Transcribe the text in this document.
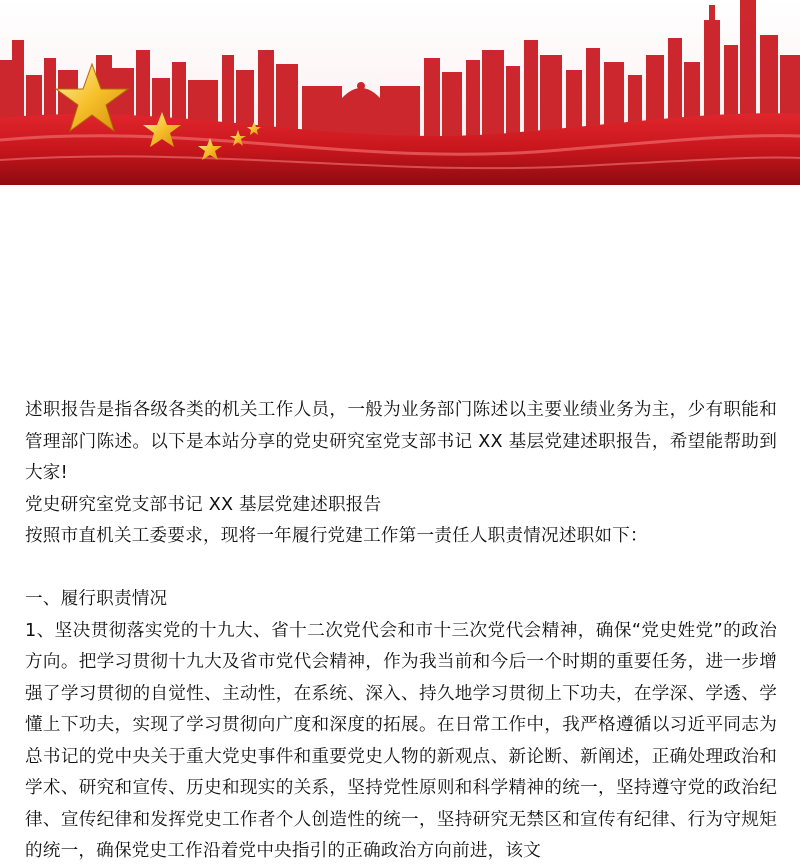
述职报告是指各级各类的机关工作人员，一般为业务部门陈述以主要业绩业务为主，少有职能和管理部门陈述。以下是本站分享的党史研究室党支部书记 XX 基层党建述职报告，希望能帮助到大家!

党史研究室党支部书记 XX 基层党建述职报告

按照市直机关工委要求，现将一年履行党建工作第一责任人职责情况述职如下：

一、履行职责情况

1、坚决贯彻落实党的十九大、省十二次党代会和市十三次党代会精神，确保“党史姓党”的政治方向。把学习贯彻十九大及省市党代会精神，作为我当前和今后一个时期的重要任务，进一步增强了学习贯彻的自觉性、主动性，在系统、深入、持久地学习贯彻上下功夫，在学深、学透、学懂上下功夫，实现了学习贯彻向广度和深度的拓展。在日常工作中，我严格遵循以习近平同志为总书记的党中央关于重大党史事件和重要党史人物的新观点、新论断、新阐述，正确处理政治和学术、研究和宣传、历史和现实的关系，坚持党性原则和科学精神的统一，坚持遵守党的政治纪律、宣传纪律和发挥党史工作者个人创造性的统一，坚持研究无禁区和宣传有纪律、行为守规矩的统一，确保党史工作沿着党中央指引的正确政治方向前进，该文
